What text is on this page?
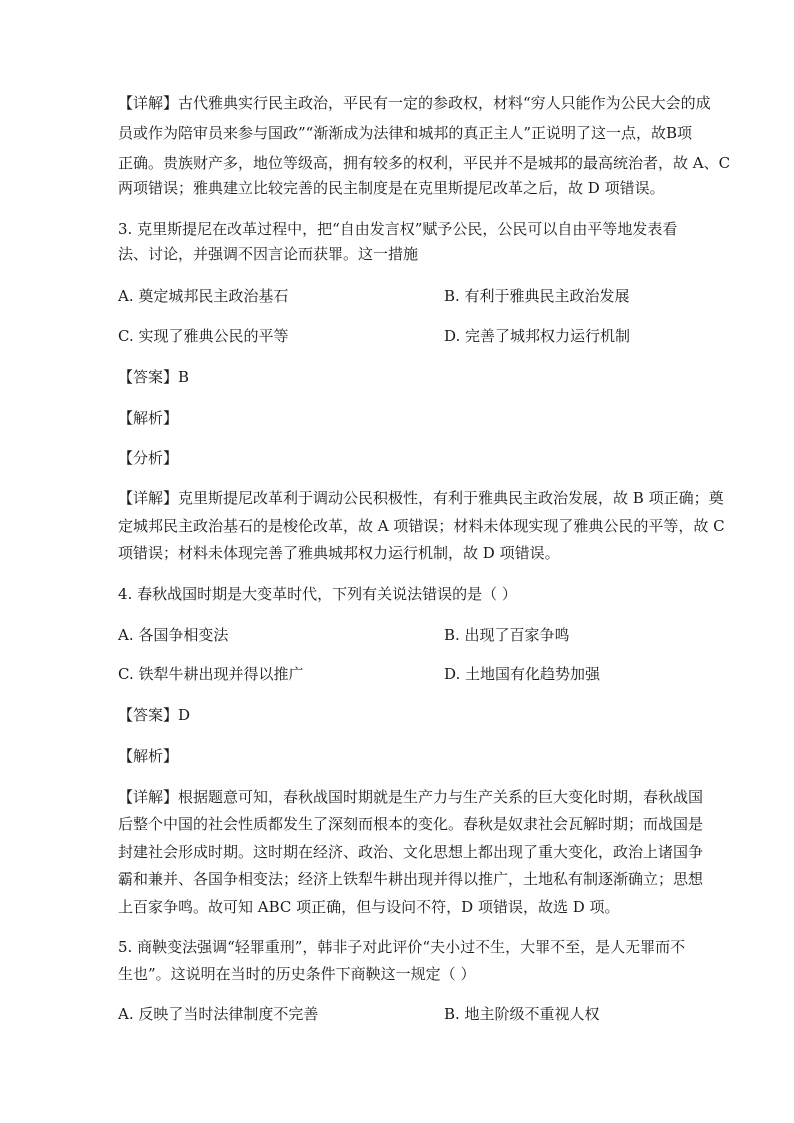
【详解】古代雅典实行民主政治，平民有一定的参政权，材料“穷人只能作为公民大会的成
员或作为陪审员来参与国政”“渐渐成为法律和城邦的真正主人”正说明了这一点，故B项
正确。贵族财产多，地位等级高，拥有较多的权利，平民并不是城邦的最高统治者，故 A、C
两项错误；雅典建立比较完善的民主制度是在克里斯提尼改革之后，故 D 项错误。
3. 克里斯提尼在改革过程中，把“自由发言权”赋予公民，公民可以自由平等地发表看
法、讨论，并强调不因言论而获罪。这一措施
A. 奠定城邦民主政治基石	B. 有利于雅典民主政治发展
C. 实现了雅典公民的平等	D. 完善了城邦权力运行机制
【答案】B
【解析】
【分析】
【详解】克里斯提尼改革利于调动公民积极性，有利于雅典民主政治发展，故 B 项正确；奠
定城邦民主政治基石的是梭伦改革，故 A 项错误；材料未体现实现了雅典公民的平等，故 C
项错误；材料未体现完善了雅典城邦权力运行机制，故 D 项错误。
4. 春秋战国时期是大变革时代，下列有关说法错误的是（ ）
A. 各国争相变法	B. 出现了百家争鸣
C. 铁犁牛耕出现并得以推广	D. 土地国有化趋势加强
【答案】D
【解析】
【详解】根据题意可知，春秋战国时期就是生产力与生产关系的巨大变化时期，春秋战国
后整个中国的社会性质都发生了深刻而根本的变化。春秋是奴隶社会瓦解时期；而战国是
封建社会形成时期。这时期在经济、政治、文化思想上都出现了重大变化，政治上诸国争
霸和兼并、各国争相变法；经济上铁犁牛耕出现并得以推广，土地私有制逐渐确立；思想
上百家争鸣。故可知 ABC 项正确，但与设问不符，D 项错误，故选 D 项。
5. 商鞅变法强调“轻罪重刑”，韩非子对此评价“夫小过不生，大罪不至，是人无罪而不
生也”。这说明在当时的历史条件下商鞅这一规定（ ）
A. 反映了当时法律制度不完善	B. 地主阶级不重视人权
